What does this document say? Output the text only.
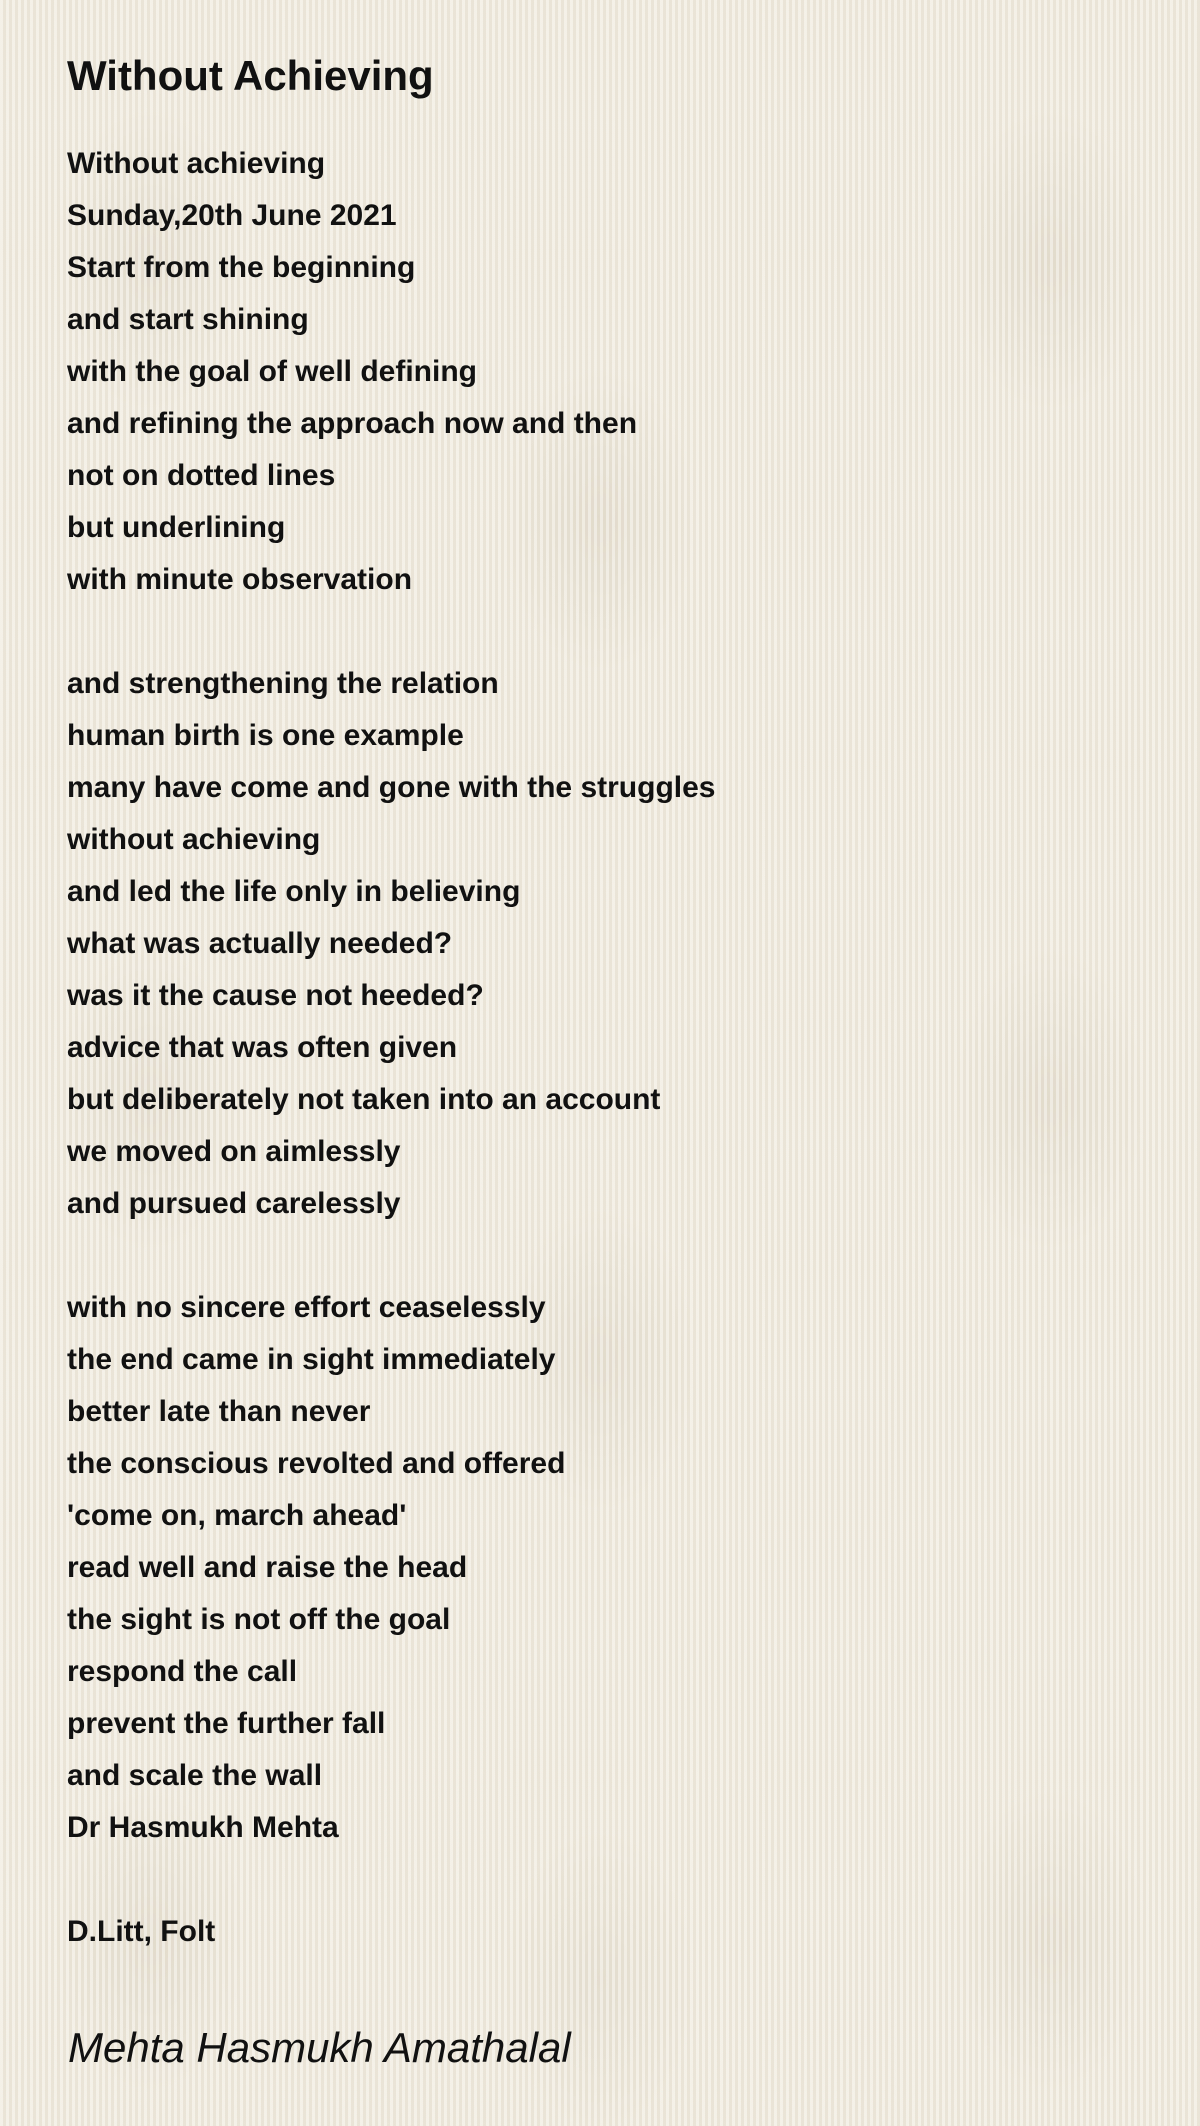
Without Achieving
Without achieving
Sunday,20th June 2021
Start from the beginning
and start shining
with the goal of well defining
and refining the approach now and then
not on dotted lines
but underlining
with minute observation
and strengthening the relation
human birth is one example
many have come and gone with the struggles
without achieving
and led the life only in believing
what was actually needed?
was it the cause not heeded?
advice that was often given
but deliberately not taken into an account
we moved on aimlessly
and pursued carelessly
with no sincere effort ceaselessly
the end came in sight immediately
better late than never
the conscious revolted and offered
'come on, march ahead'
read well and raise the head
the sight is not off the goal
respond the call
prevent the further fall
and scale the wall
Dr Hasmukh Mehta
D.Litt, Folt
Mehta Hasmukh Amathalal
